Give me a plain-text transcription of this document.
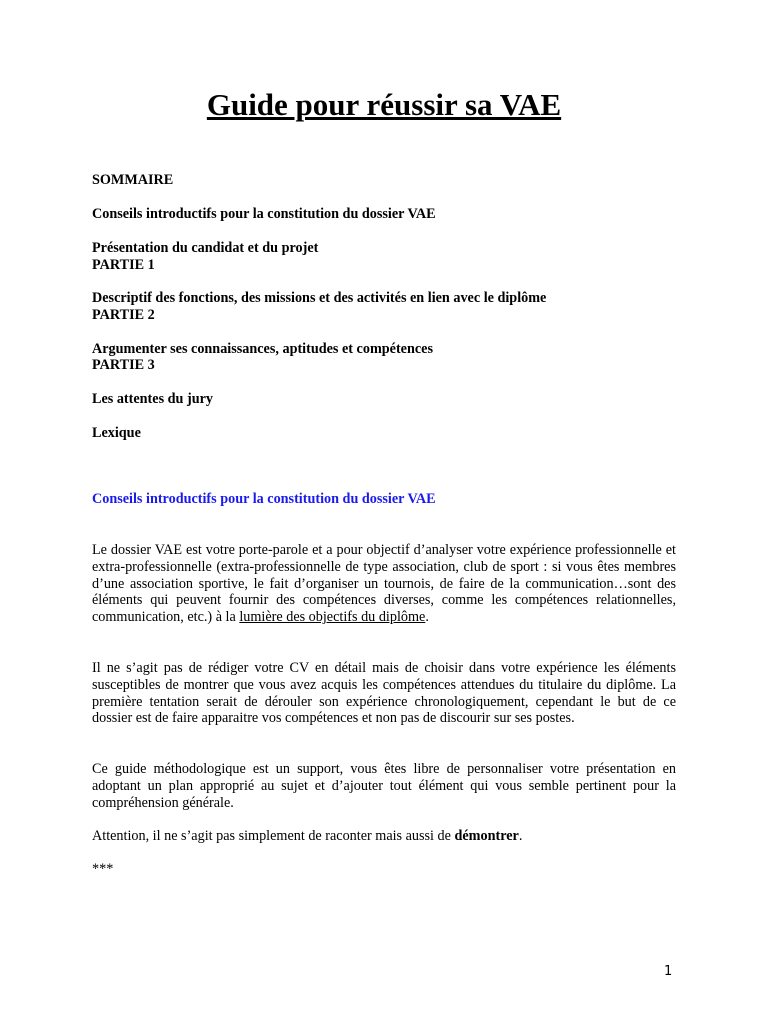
Guide pour réussir sa VAE
SOMMAIRE
Conseils introductifs pour la constitution du dossier VAE
Présentation du candidat et du projet
PARTIE 1
Descriptif des fonctions, des missions et des activités en lien avec le diplôme
PARTIE 2
Argumenter ses connaissances, aptitudes et compétences
PARTIE 3
Les attentes du jury
Lexique
Conseils introductifs pour la constitution du dossier VAE
Le dossier VAE est votre porte-parole et a pour objectif d’analyser votre expérience professionnelle et extra-professionnelle (extra-professionnelle de type association, club de sport : si vous êtes membres d’une association sportive, le fait d’organiser un tournois, de faire de la communication…sont des éléments qui peuvent fournir des compétences diverses, comme les compétences relationnelles, communication, etc.) à la lumière des objectifs du diplôme.
Il ne s’agit pas de rédiger votre CV en détail mais de choisir dans votre expérience les éléments susceptibles de montrer que vous avez acquis les compétences attendues du titulaire du diplôme. La première tentation serait de dérouler son expérience chronologiquement, cependant le but de ce dossier est de faire apparaitre vos compétences et non pas de discourir sur ses postes.
Ce guide méthodologique est un support, vous êtes libre de personnaliser votre présentation en adoptant un plan approprié au sujet et d’ajouter tout élément qui vous semble pertinent pour la compréhension générale.
Attention, il ne s’agit pas simplement de raconter mais aussi de démontrer.
***
1
